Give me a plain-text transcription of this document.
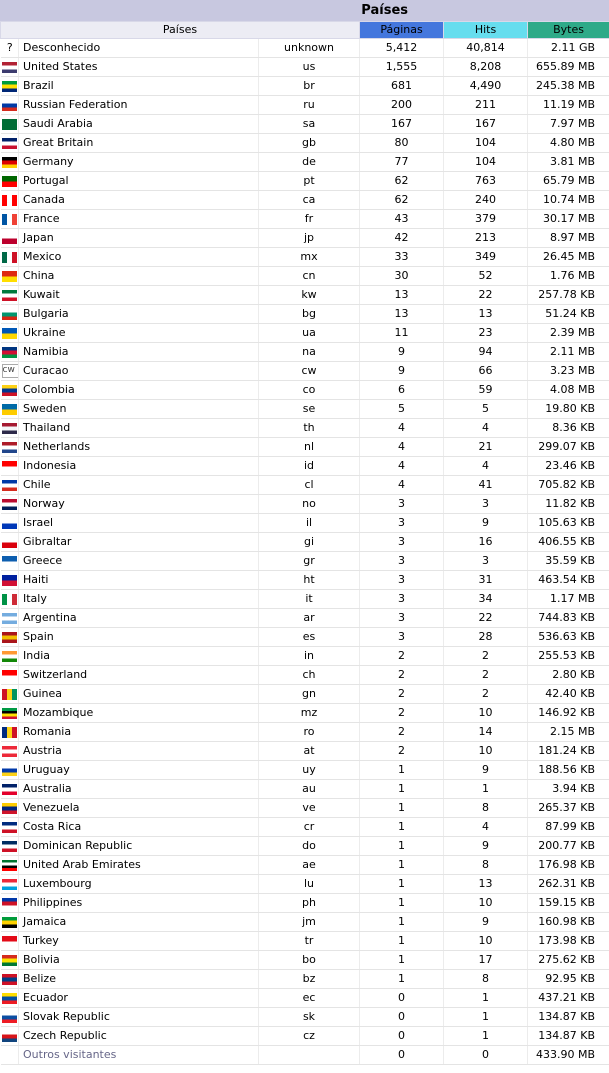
Países
Países			Páginas	Hits	Bytes
?	Desconhecido	unknown	5,412	40,814	2.11 GB
	United States	us	1,555	8,208	655.89 MB
	Brazil	br	681	4,490	245.38 MB
	Russian Federation	ru	200	211	11.19 MB
	Saudi Arabia	sa	167	167	7.97 MB
	Great Britain	gb	80	104	4.80 MB
	Germany	de	77	104	3.81 MB
	Portugal	pt	62	763	65.79 MB
	Canada	ca	62	240	10.74 MB
	France	fr	43	379	30.17 MB
	Japan	jp	42	213	8.97 MB
	Mexico	mx	33	349	26.45 MB
	China	cn	30	52	1.76 MB
	Kuwait	kw	13	22	257.78 KB
	Bulgaria	bg	13	13	51.24 KB
	Ukraine	ua	11	23	2.39 MB
	Namibia	na	9	94	2.11 MB
cw	Curacao	cw	9	66	3.23 MB
	Colombia	co	6	59	4.08 MB
	Sweden	se	5	5	19.80 KB
	Thailand	th	4	4	8.36 KB
	Netherlands	nl	4	21	299.07 KB
	Indonesia	id	4	4	23.46 KB
	Chile	cl	4	41	705.82 KB
	Norway	no	3	3	11.82 KB
	Israel	il	3	9	105.63 KB
	Gibraltar	gi	3	16	406.55 KB
	Greece	gr	3	3	35.59 KB
	Haiti	ht	3	31	463.54 KB
	Italy	it	3	34	1.17 MB
	Argentina	ar	3	22	744.83 KB
	Spain	es	3	28	536.63 KB
	India	in	2	2	255.53 KB
	Switzerland	ch	2	2	2.80 KB
	Guinea	gn	2	2	42.40 KB
	Mozambique	mz	2	10	146.92 KB
	Romania	ro	2	14	2.15 MB
	Austria	at	2	10	181.24 KB
	Uruguay	uy	1	9	188.56 KB
	Australia	au	1	1	3.94 KB
	Venezuela	ve	1	8	265.37 KB
	Costa Rica	cr	1	4	87.99 KB
	Dominican Republic	do	1	9	200.77 KB
	United Arab Emirates	ae	1	8	176.98 KB
	Luxembourg	lu	1	13	262.31 KB
	Philippines	ph	1	10	159.15 KB
	Jamaica	jm	1	9	160.98 KB
	Turkey	tr	1	10	173.98 KB
	Bolivia	bo	1	17	275.62 KB
	Belize	bz	1	8	92.95 KB
	Ecuador	ec	0	1	437.21 KB
	Slovak Republic	sk	0	1	134.87 KB
	Czech Republic	cz	0	1	134.87 KB
	Outros visitantes		0	0	433.90 MB
